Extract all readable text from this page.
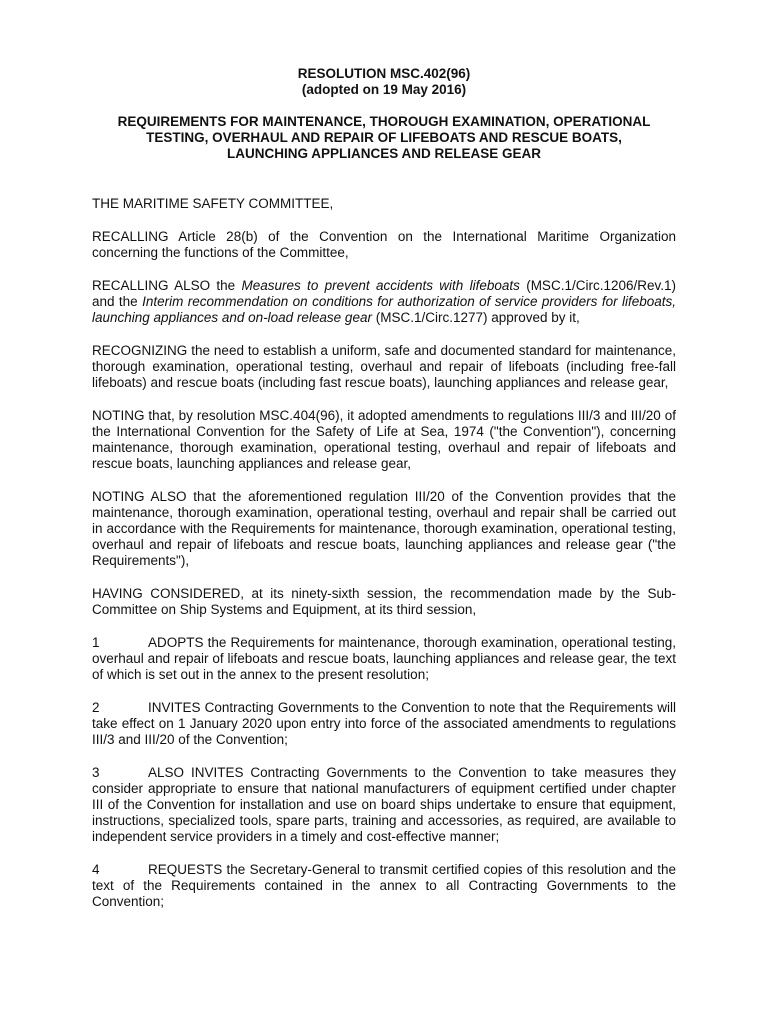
RESOLUTION MSC.402(96)
(adopted on 19 May 2016)
REQUIREMENTS FOR MAINTENANCE, THOROUGH EXAMINATION, OPERATIONAL
TESTING, OVERHAUL AND REPAIR OF LIFEBOATS AND RESCUE BOATS,
LAUNCHING APPLIANCES AND RELEASE GEAR

THE MARITIME SAFETY COMMITTEE,

RECALLING Article 28(b) of the Convention on the International Maritime Organization concerning the functions of the Committee,

RECALLING ALSO the Measures to prevent accidents with lifeboats (MSC.1/Circ.1206/Rev.1) and the Interim recommendation on conditions for authorization of service providers for lifeboats, launching appliances and on-load release gear (MSC.1/Circ.1277) approved by it,

RECOGNIZING the need to establish a uniform, safe and documented standard for maintenance, thorough examination, operational testing, overhaul and repair of lifeboats (including free-fall lifeboats) and rescue boats (including fast rescue boats), launching appliances and release gear,

NOTING that, by resolution MSC.404(96), it adopted amendments to regulations III/3 and III/20 of the International Convention for the Safety of Life at Sea, 1974 ("the Convention"), concerning maintenance, thorough examination, operational testing, overhaul and repair of lifeboats and rescue boats, launching appliances and release gear,

NOTING ALSO that the aforementioned regulation III/20 of the Convention provides that the maintenance, thorough examination, operational testing, overhaul and repair shall be carried out in accordance with the Requirements for maintenance, thorough examination, operational testing, overhaul and repair of lifeboats and rescue boats, launching appliances and release gear ("the Requirements"),

HAVING CONSIDERED, at its ninety-sixth session, the recommendation made by the Sub-Committee on Ship Systems and Equipment, at its third session,

1	ADOPTS the Requirements for maintenance, thorough examination, operational testing, overhaul and repair of lifeboats and rescue boats, launching appliances and release gear, the text of which is set out in the annex to the present resolution;

2	INVITES Contracting Governments to the Convention to note that the Requirements will take effect on 1 January 2020 upon entry into force of the associated amendments to regulations III/3 and III/20 of the Convention;

3	ALSO INVITES Contracting Governments to the Convention to take measures they consider appropriate to ensure that national manufacturers of equipment certified under chapter III of the Convention for installation and use on board ships undertake to ensure that equipment, instructions, specialized tools, spare parts, training and accessories, as required, are available to independent service providers in a timely and cost-effective manner;

4	REQUESTS the Secretary-General to transmit certified copies of this resolution and the text of the Requirements contained in the annex to all Contracting Governments to the Convention;
